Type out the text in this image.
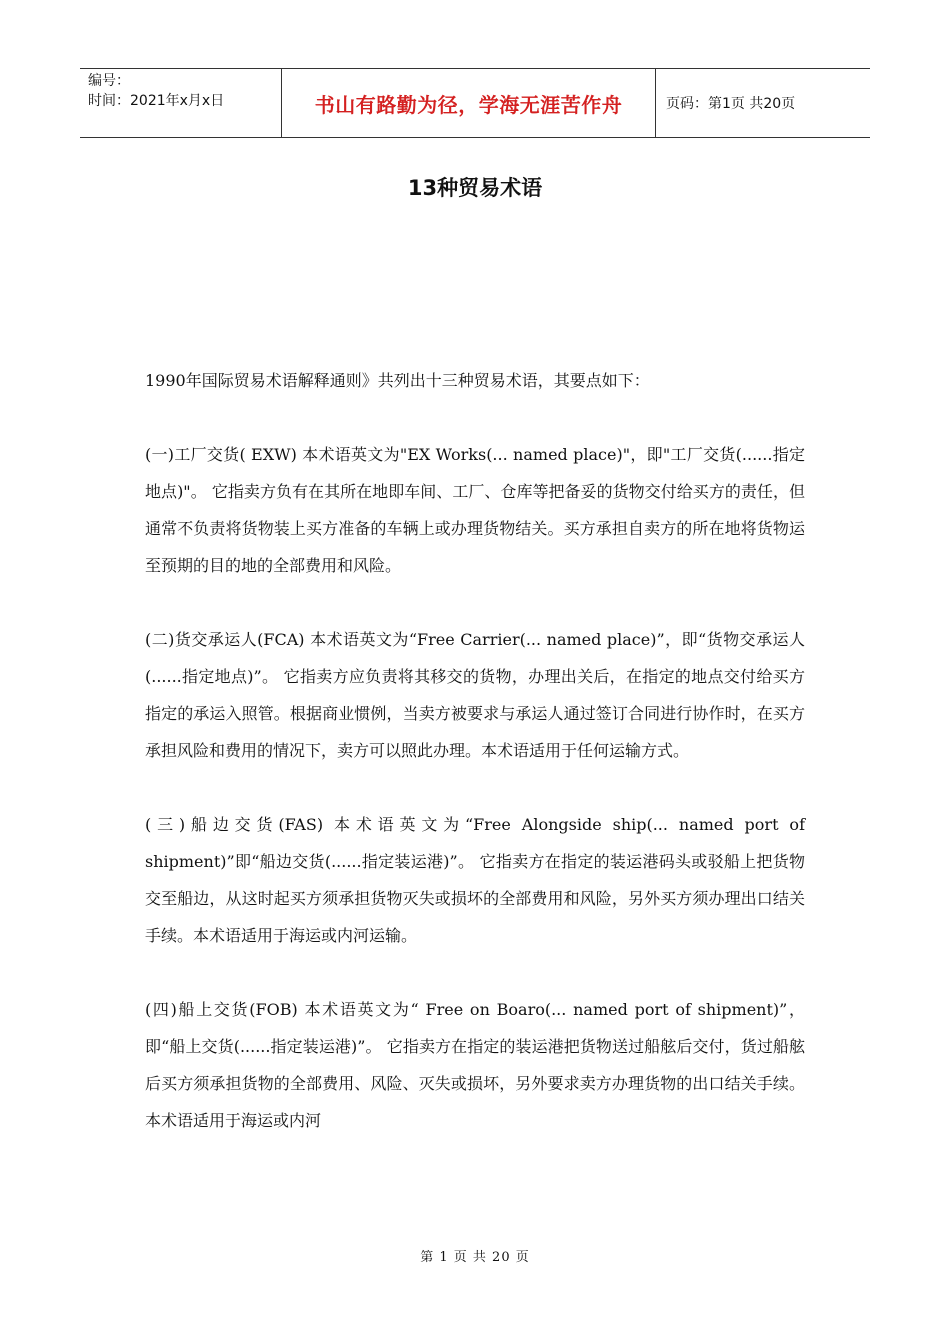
编号：
时间：2021年x月x日	书山有路勤为径，学海无涯苦作舟	页码：第1页 共20页
13种贸易术语

1990年国际贸易术语解释通则》共列出十三种贸易术语，其要点如下：

(一)工厂交货( EXW) 本术语英文为"EX Works(... named place)"，即"工厂交货(......指定地点)"。 它指卖方负有在其所在地即车间、工厂、仓库等把备妥的货物交付给买方的责任，但通常不负责将货物装上买方准备的车辆上或办理货物结关。买方承担自卖方的所在地将货物运至预期的目的地的全部费用和风险。

(二)货交承运人(FCA) 本术语英文为“Free Carrier(... named place)”，即“货物交承运人(......指定地点)”。 它指卖方应负责将其移交的货物，办理出关后，在指定的地点交付给买方指定的承运入照管。根据商业惯例，当卖方被要求与承运人通过签订合同进行协作时，在买方承担风险和费用的情况下，卖方可以照此办理。本术语适用于任何运输方式。

(三)船边交货(FAS) 本术语英文为“Free Alongside ship(... named port of shipment)”即“船边交货(......指定装运港)”。 它指卖方在指定的装运港码头或驳船上把货物交至船边，从这时起买方须承担货物灭失或损坏的全部费用和风险，另外买方须办理出口结关手续。本术语适用于海运或内河运输。

(四)船上交货(FOB) 本术语英文为“ Free on Boaro(... named port of shipment)”，即“船上交货(......指定装运港)”。 它指卖方在指定的装运港把货物送过船舷后交付，货过船舷后买方须承担货物的全部费用、风险、灭失或损坏，另外要求卖方办理货物的出口结关手续。本术语适用于海运或内河

第 1 页 共 20 页
